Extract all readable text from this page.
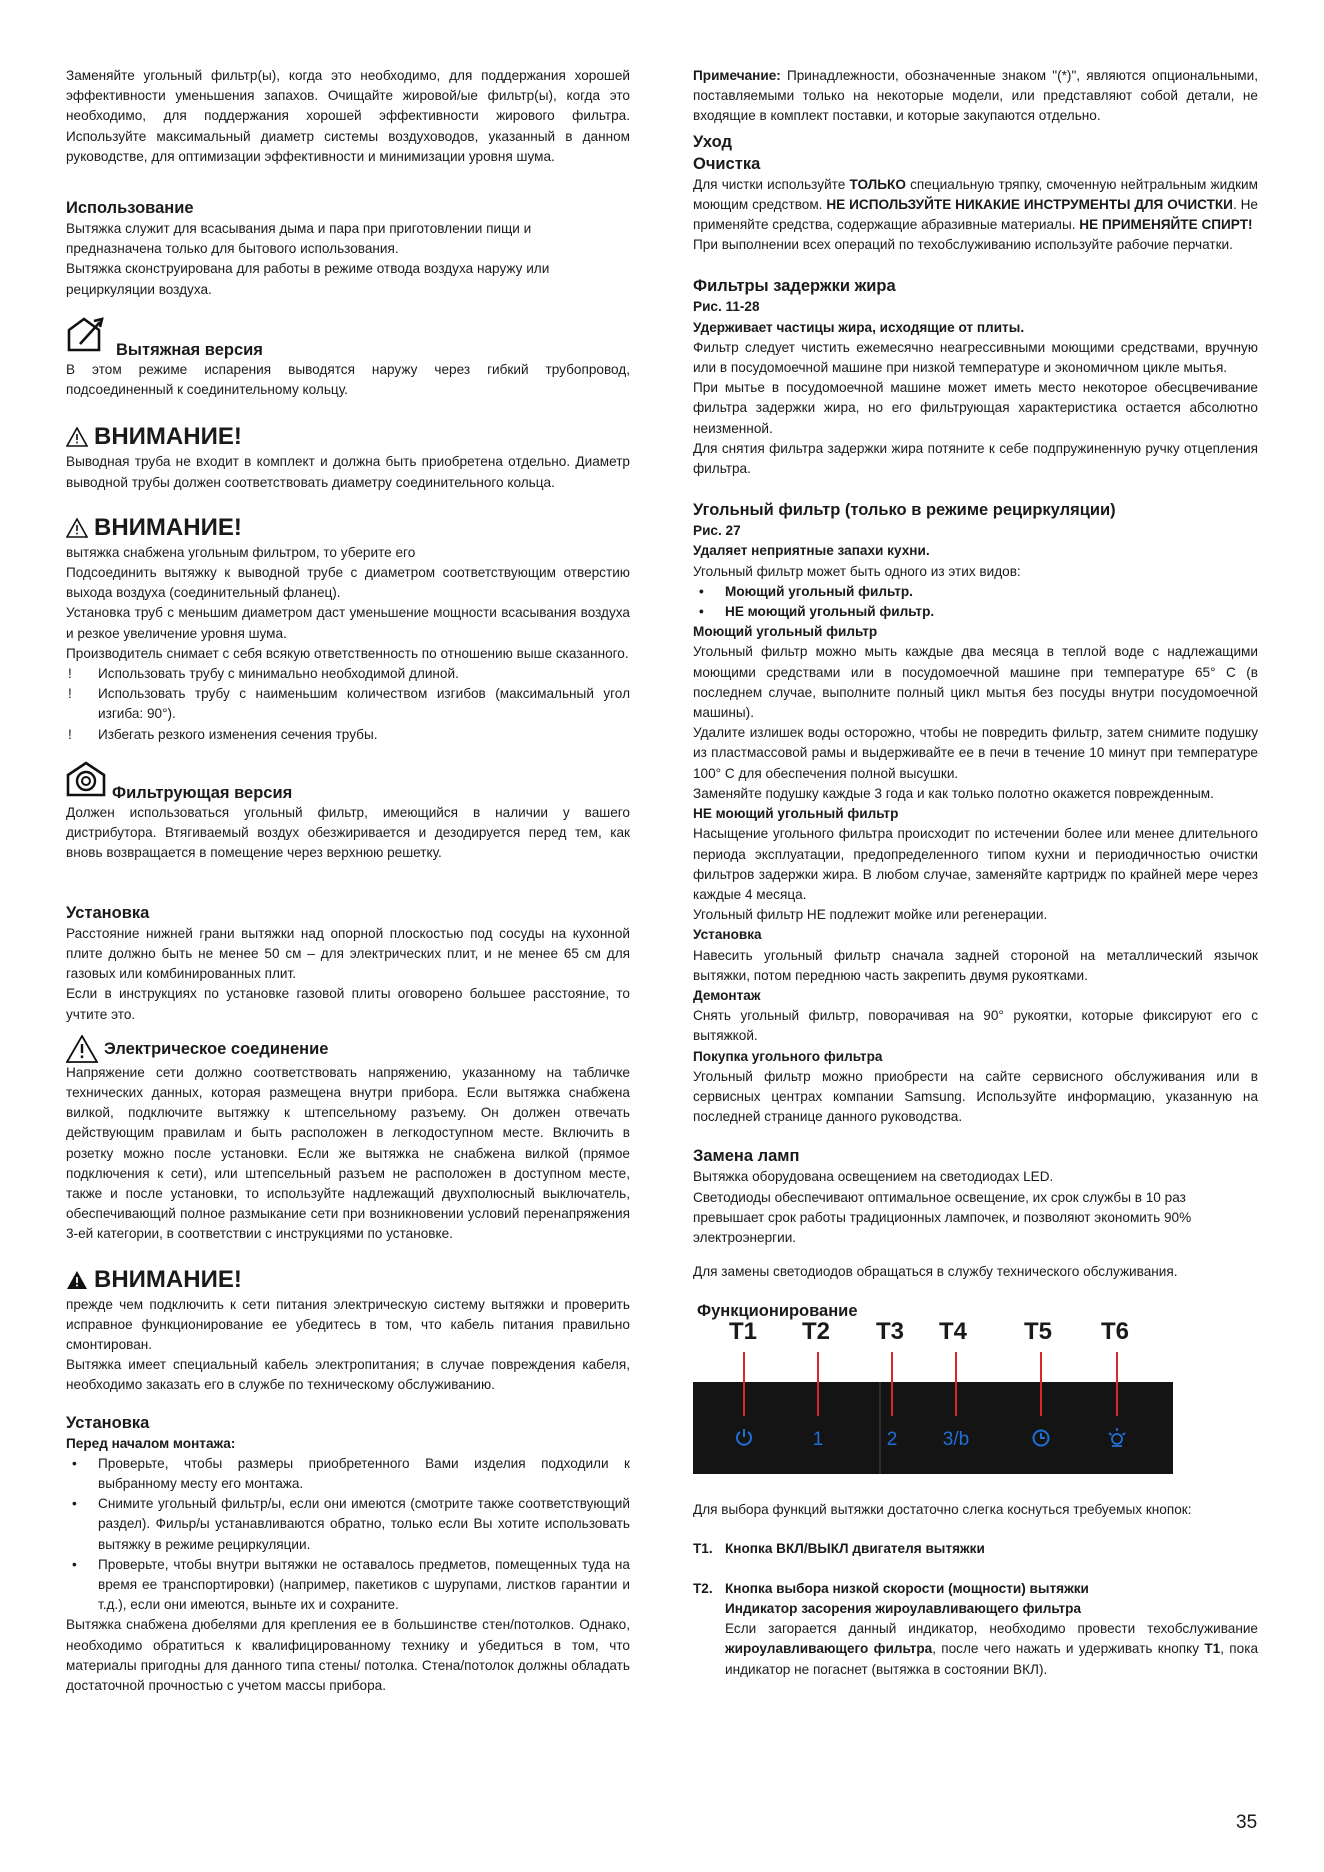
Заменяйте угольный фильтр(ы), когда это необходимо, для поддержания хорошей эффективности уменьшения запахов. Очищайте жировой/ые фильтр(ы), когда это необходимо, для поддержания хорошей эффективности жирового фильтра. Используйте максимальный диаметр системы воздуховодов, указанный в данном руководстве, для оптимизации эффективности и минимизации уровня шума.

Использование

Вытяжка служит для всасывания дыма и пара при приготовлении пищи и предназначена только для бытового использования.

Вытяжка сконструирована для работы в режиме отвода воздуха наружу или рециркуляции воздуха.

Вытяжная версия

В этом режиме испарения выводятся наружу через гибкий трубопровод, подсоединенный к соединительному кольцу.

ВНИМАНИЕ!

Выводная труба не входит в комплект и должна быть приобретена отдельно. Диаметр выводной трубы должен соответствовать диаметру соединительного кольца.

ВНИМАНИЕ!

вытяжка снабжена угольным фильтром, то уберите его

Подсоединить вытяжку к выводной трубе с диаметром соответствующим отверстию выхода воздуха (соединительный фланец).

Установка труб с меньшим диаметром даст уменьшение мощности всасывания воздуха и резкое увеличение уровня шума.

Производитель снимает с себя всякую ответственность по отношению выше сказанного.

! Использовать трубу с минимально необходимой длиной.
! Использовать трубу с наименьшим количеством изгибов (максимальный угол изгиба: 90°).
! Избегать резкого изменения сечения трубы.
Фильтрующая версия

Должен использоваться угольный фильтр, имеющийся в наличии у вашего дистрибутора. Втягиваемый воздух обезжиривается и дезодируется перед тем, как вновь возвращается в помещение через верхнюю решетку.

Установка

Расстояние нижней грани вытяжки над опорной плоскостью под сосуды на кухонной плите должно быть не менее 50 см – для электрических плит, и не менее 65 см для газовых или комбинированных плит.

Если в инструкциях по установке газовой плиты оговорено большее расстояние, то учтите это.

Электрическое соединение

Напряжение сети должно соответствовать напряжению, указанному на табличке технических данных, которая размещена внутри прибора. Если вытяжка снабжена вилкой, подключите вытяжку к штепсельному разъему. Он должен отвечать действующим правилам и быть расположен в легкодоступном месте. Включить в розетку можно после установки. Если же вытяжка не снабжена вилкой (прямое подключения к сети), или штепсельный разъем не расположен в доступном месте, также и после установки, то используйте надлежащий двухполюсный выключатель, обеспечивающий полное размыкание сети при возникновении условий перенапряжения 3-ей категории, в соответствии с инструкциями по установке.

ВНИМАНИЕ!

прежде чем подключить к сети питания электрическую систему вытяжки и проверить исправное функционирование ее убедитесь в том, что кабель питания правильно смонтирован.

Вытяжка имеет специальный кабель электропитания; в случае повреждения кабеля, необходимо заказать его в службе по техническому обслуживанию.

Установка

Перед началом монтажа:

• Проверьте, чтобы размеры приобретенного Вами изделия подходили к выбранному месту его монтажа.
• Снимите угольный фильтр/ы, если они имеются (смотрите также соответствующий раздел). Фильр/ы устанавливаются обратно, только если Вы хотите использовать вытяжку в режиме рециркуляции.
• Проверьте, чтобы внутри вытяжки не оставалось предметов, помещенных туда на время ее транспортировки) (например, пакетиков с шурупами, листков гарантии и т.д.), если они имеются, выньте их и сохраните.

Вытяжка снабжена дюбелями для крепления ее в большинстве стен/потолков. Однако, необходимо обратиться к квалифицированному технику и убедиться в том, что материалы пригодны для данного типа стены/ потолка. Стена/потолок должны обладать достаточной прочностью с учетом массы прибора.

Примечание: Принадлежности, обозначенные знаком "(*)", являются опциональными, поставляемыми только на некоторые модели, или представляют собой детали, не входящие в комплект поставки, и которые закупаются отдельно.

Уход

Очистка

Для чистки используйте ТОЛЬКО специальную тряпку, смоченную нейтральным жидким моющим средством. НЕ ИСПОЛЬЗУЙТЕ НИКАКИЕ ИНСТРУМЕНТЫ ДЛЯ ОЧИСТКИ. Не применяйте средства, содержащие абразивные материалы. НЕ ПРИМЕНЯЙТЕ СПИРТ!

При выполнении всех операций по техобслуживанию используйте рабочие перчатки.

Фильтры задержки жира

Рис. 11-28

Удерживает частицы жира, исходящие от плиты.

Фильтр следует чистить ежемесячно неагрессивными моющими средствами, вручную или в посудомоечной машине при низкой температуре и экономичном цикле мытья.

При мытье в посудомоечной машине может иметь место некоторое обесцвечивание фильтра задержки жира, но его фильтрующая характеристика остается абсолютно неизменной.

Для снятия фильтра задержки жира потяните к себе подпружиненную ручку отцепления фильтра.

Угольный фильтр (только в режиме рециркуляции)

Рис. 27

Удаляет неприятные запахи кухни.

Угольный фильтр может быть одного из этих видов:

• Моющий угольный фильтр.
• НЕ моющий угольный фильтр.

Моющий угольный фильтр

Угольный фильтр можно мыть каждые два месяца в теплой воде с надлежащими моющими средствами или в посудомоечной машине при температуре 65° С (в последнем случае, выполните полный цикл мытья без посуды внутри посудомоечной машины).

Удалите излишек воды осторожно, чтобы не повредить фильтр, затем снимите подушку из пластмассовой рамы и выдерживайте ее в печи в течение 10 минут при температуре 100° С для обеспечения полной высушки.

Заменяйте подушку каждые 3 года и как только полотно окажется поврежденным.

НЕ моющий угольный фильтр

Насыщение угольного фильтра происходит по истечении более или менее длительного периода эксплуатации, предопределенного типом кухни и периодичностью очистки фильтров задержки жира. В любом случае, заменяйте картридж по крайней мере через каждые 4 месяца.

Угольный фильтр НЕ подлежит мойке или регенерации.

Установка

Навесить угольный фильтр сначала задней стороной на металлический язычок вытяжки, потом переднюю часть закрепить двумя рукоятками.

Демонтаж

Снять угольный фильтр, поворачивая на 90° рукоятки, которые фиксируют его с вытяжкой.

Покупка угольного фильтра

Угольный фильтр можно приобрести на сайте сервисного обслуживания или в сервисных центрах компании Samsung. Используйте информацию, указанную на последней странице данного руководства.

Замена ламп

Вытяжка оборудована освещением на светодиодах LED.

Светодиоды обеспечивают оптимальное освещение, их срок службы в 10 раз превышает срок работы традиционных лампочек, и позволяют экономить 90% электроэнергии.

Для замены светодиодов обращаться в службу технического обслуживания.

Функционирование

T1 T2 T3 T4 T5 T6
1	2 3/b

Для выбора функций вытяжки достаточно слегка коснуться требуемых кнопок:

T1. Кнопка ВКЛ/ВЫКЛ двигателя вытяжки

T2. Кнопка выбора низкой скорости (мощности) вытяжки

Индикатор засорения жироулавливающего фильтра

Если загорается данный индикатор, необходимо провести техобслуживание жироулавливающего фильтра, после чего нажать и удерживать кнопку T1, пока индикатор не погаснет (вытяжка в состоянии ВКЛ).

35
